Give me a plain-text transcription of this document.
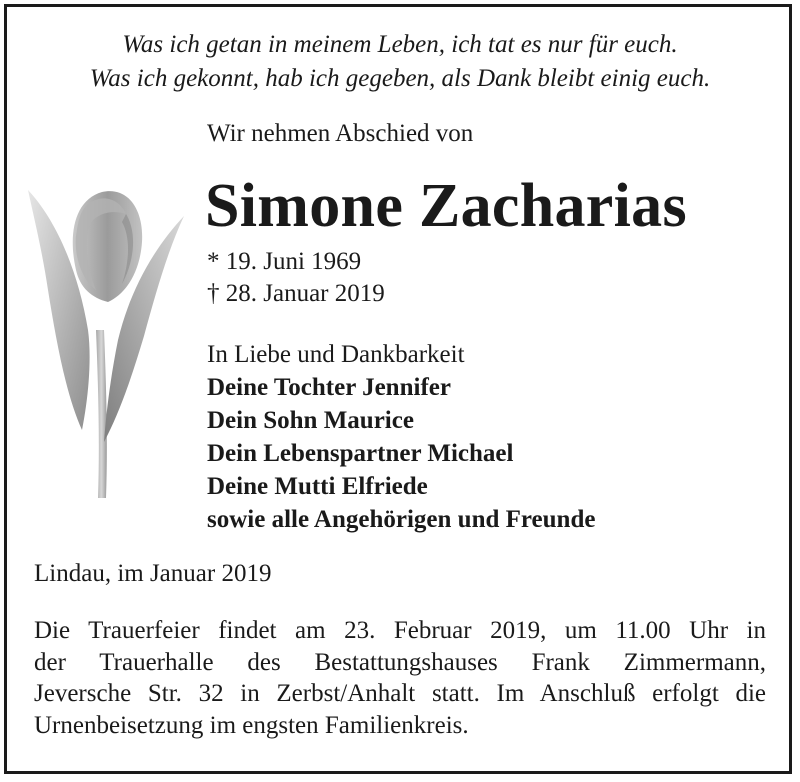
Was ich getan in meinem Leben, ich tat es nur für euch.
Was ich gekonnt, hab ich gegeben, als Dank bleibt einig euch.
Wir nehmen Abschied von
Simone Zacharias
* 19. Juni 1969
† 28. Januar 2019
In Liebe und Dankbarkeit
Deine Tochter Jennifer
Dein Sohn Maurice
Dein Lebenspartner Michael
Deine Mutti Elfriede
sowie alle Angehörigen und Freunde
Lindau, im Januar 2019
Die Trauerfeier findet am 23. Februar 2019, um 11.00 Uhr in
der Trauerhalle des Bestattungshauses Frank Zimmermann,
Jeversche Str. 32 in Zerbst/Anhalt statt. Im Anschluß erfolgt die
Urnenbeisetzung im engsten Familienkreis.
